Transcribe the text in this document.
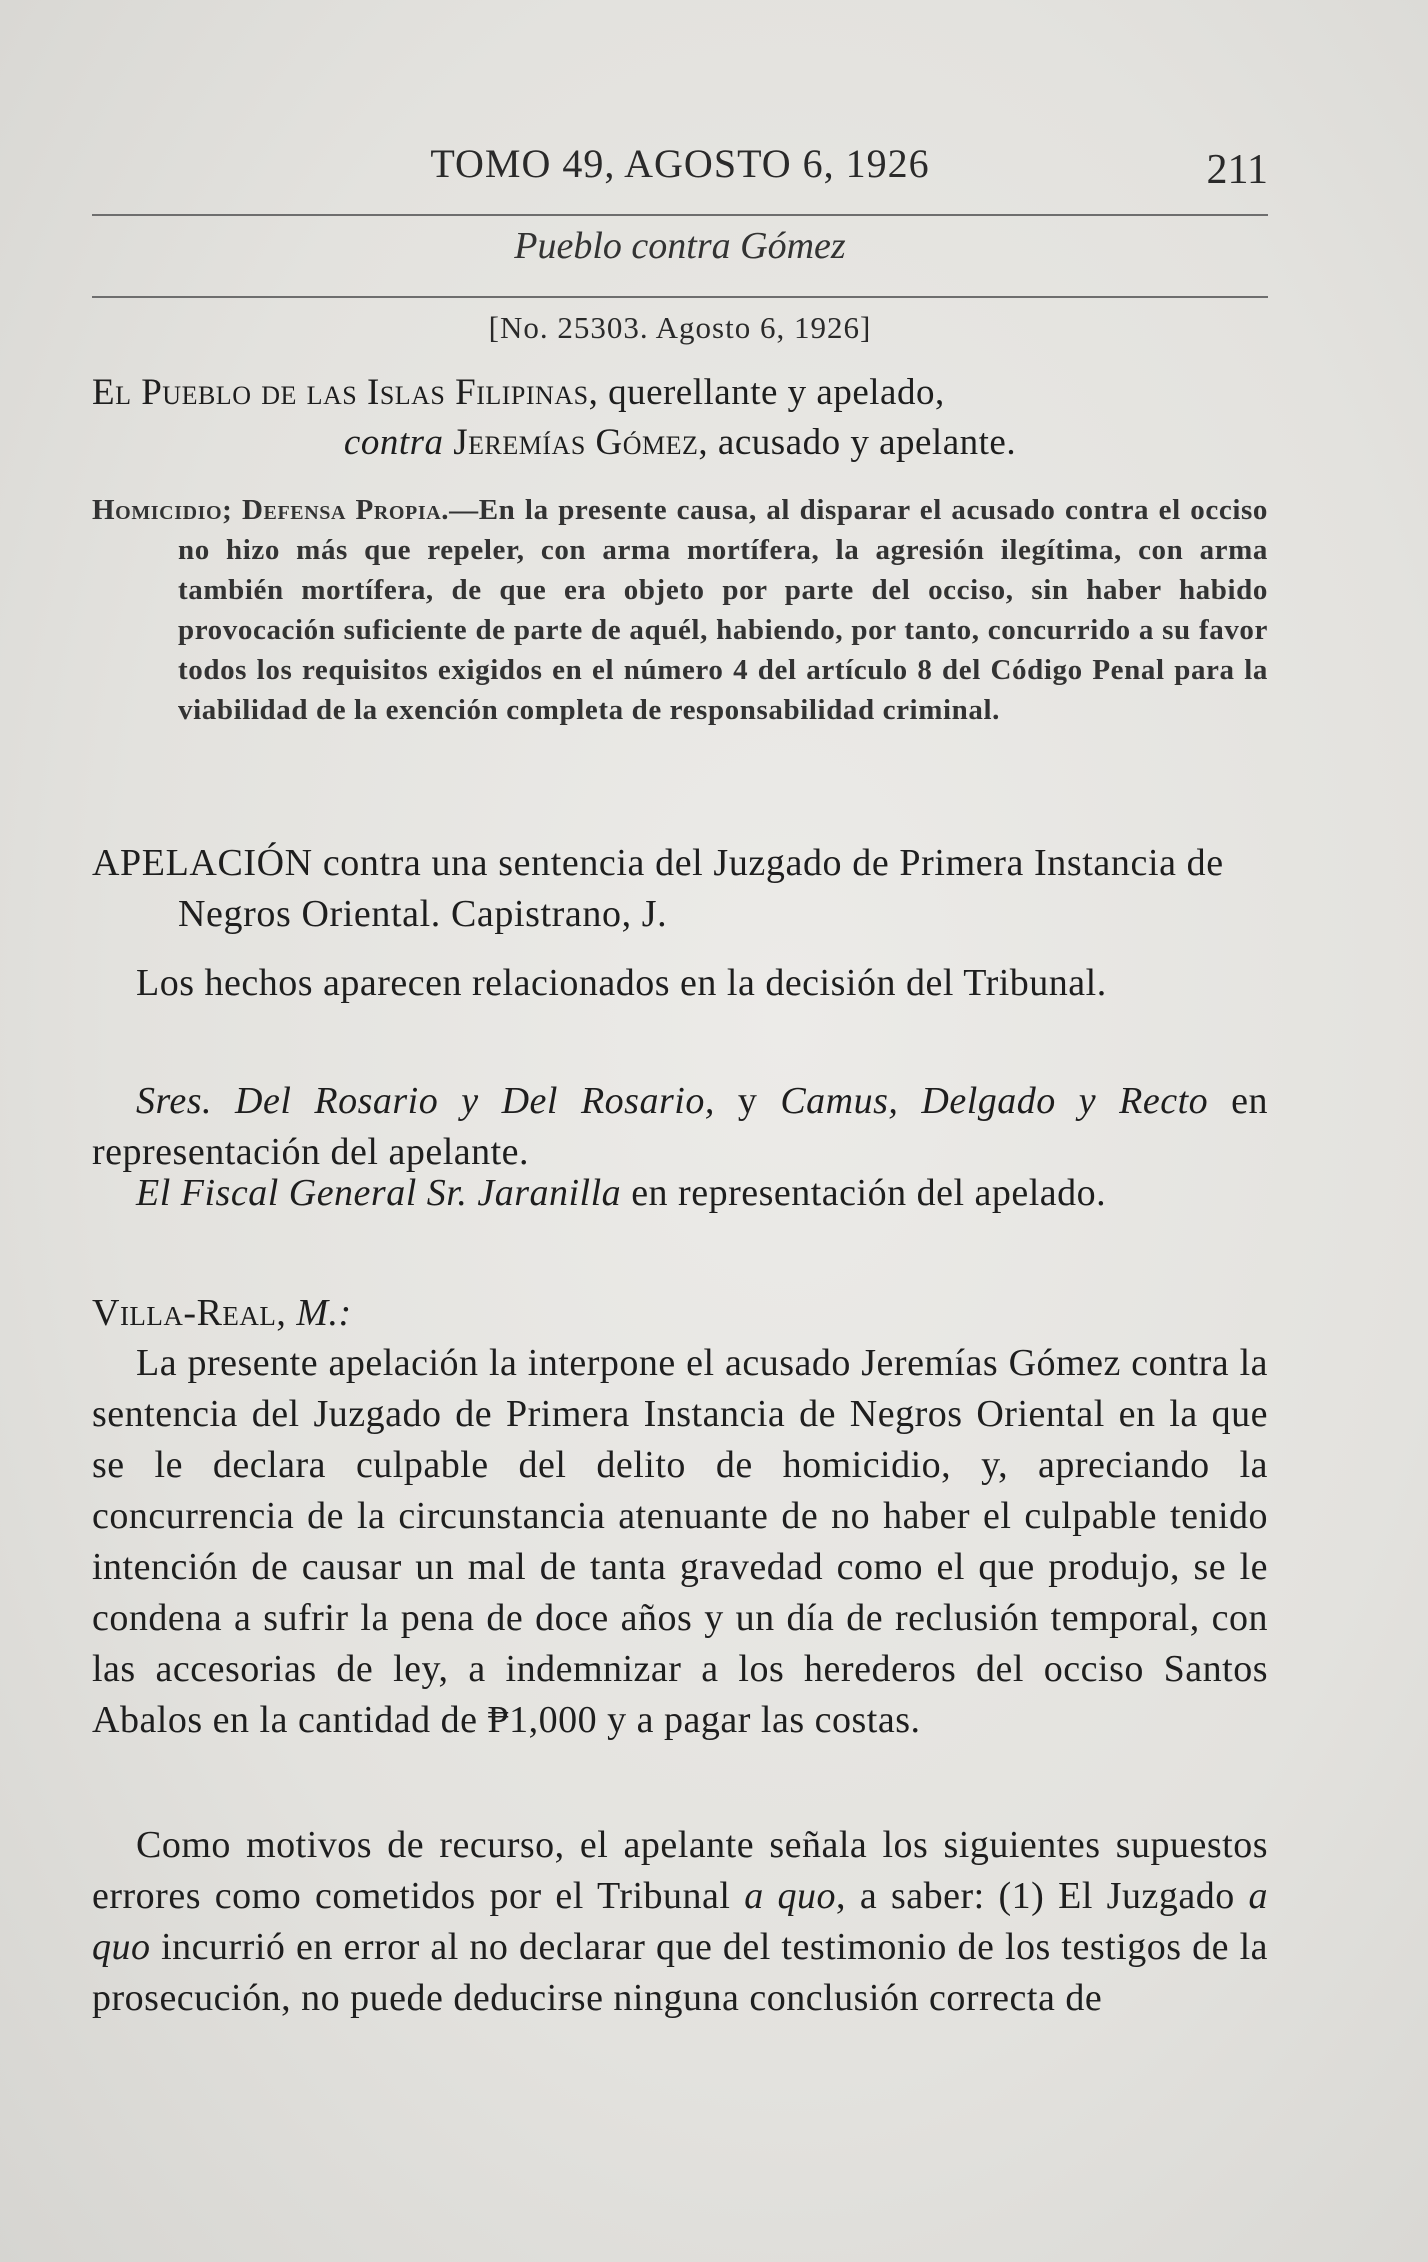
TOMO 49, AGOSTO 6, 1926	211
Pueblo contra Gómez
[No. 25303. Agosto 6, 1926]
El Pueblo de las Islas Filipinas, querellante y apelado,
contra Jeremías Gómez, acusado y apelante.
Homicidio; Defensa Propia.—En la presente causa, al disparar el acusado contra el occiso no hizo más que repeler, con arma mortífera, la agresión ilegítima, con arma también mortífera, de que era objeto por parte del occiso, sin haber habido provocación suficiente de parte de aquél, habiendo, por tanto, concurrido a su favor todos los requisitos exigidos en el número 4 del artículo 8 del Código Penal para la viabilidad de la exención completa de responsabilidad criminal.
APELACIÓN contra una sentencia del Juzgado de Primera Instancia de Negros Oriental. Capistrano, J.
Los hechos aparecen relacionados en la decisión del Tribunal.
Sres. Del Rosario y Del Rosario, y Camus, Delgado y Recto en representación del apelante.
El Fiscal General Sr. Jaranilla en representación del apelado.
Villa-Real, M.:
La presente apelación la interpone el acusado Jeremías Gómez contra la sentencia del Juzgado de Primera Instancia de Negros Oriental en la que se le declara culpable del delito de homicidio, y, apreciando la concurrencia de la circunstancia atenuante de no haber el culpable tenido intención de causar un mal de tanta gravedad como el que produjo, se le condena a sufrir la pena de doce años y un día de reclusión temporal, con las accesorias de ley, a indemnizar a los herederos del occiso Santos Abalos en la cantidad de ₱1,000 y a pagar las costas.
Como motivos de recurso, el apelante señala los siguientes supuestos errores como cometidos por el Tribunal a quo, a saber: (1) El Juzgado a quo incurrió en error al no declarar que del testimonio de los testigos de la prosecución, no puede deducirse ninguna conclusión correcta de
